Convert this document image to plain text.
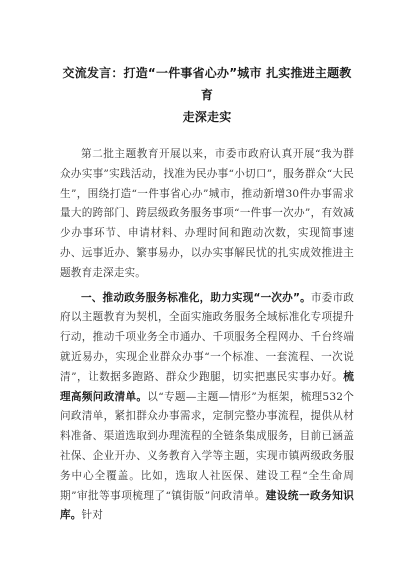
交流发言：打造“一件事省心办”城市 扎实推进主题教育
走深走实

第二批主题教育开展以来，市委市政府认真开展“我为群众办实事”实践活动，找准为民办事“小切口”，服务群众“大民生”，围绕打造“一件事省心办”城市，推动新增30件办事需求量大的跨部门、跨层级政务服务事项“一件事一次办”，有效减少办事环节、申请材料、办理时间和跑动次数，实现简事速办、远事近办、繁事易办，以办实事解民忧的扎实成效推进主题教育走深走实。

一、推动政务服务标准化，助力实现“一次办”。市委市政府以主题教育为契机，全面实施政务服务全域标准化专项提升行动，推动千项业务全市通办、千项服务全程网办、千台终端就近易办，实现企业群众办事“一个标准、一套流程、一次说清”，让数据多跑路、群众少跑腿，切实把惠民实事办好。梳理高频问政清单。以“专题—主题—情形”为框架，梳理532个问政清单，紧扣群众办事需求，定制完整办事流程，提供从材料准备、渠道选取到办理流程的全链条集成服务，目前已涵盖社保、企业开办、义务教育入学等主题，实现市镇两级政务服务中心全覆盖。比如，选取人社医保、建设工程“全生命周期”审批等事项梳理了“镇街版”问政清单。建设统一政务知识库。针对
